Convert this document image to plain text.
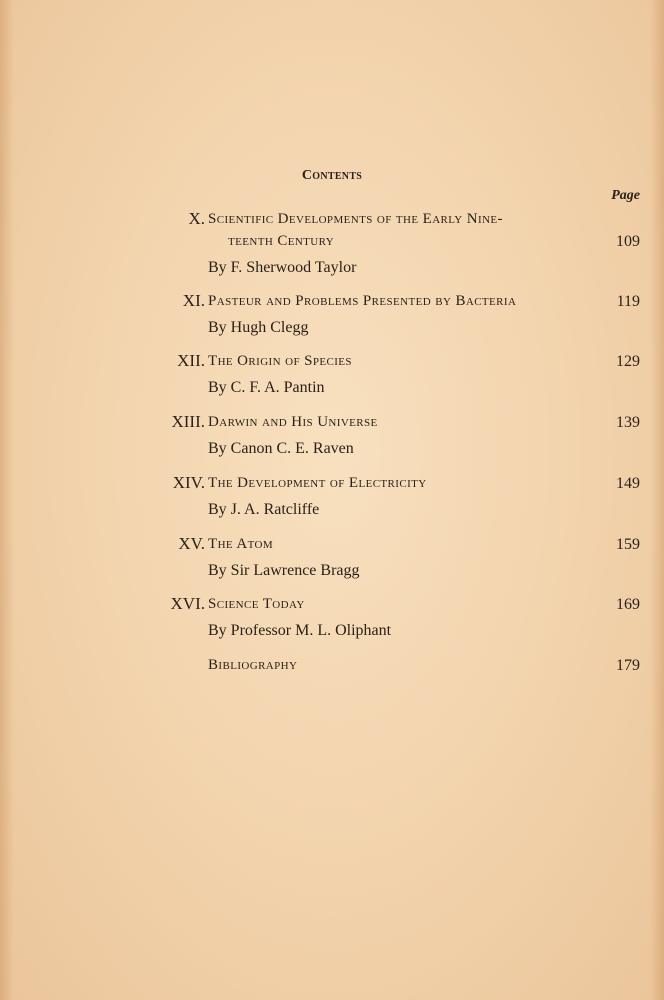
Contents
Page
X. Scientific Developments of the Early Nine-
teenth Century	109
By F. Sherwood Taylor
XI. Pasteur and Problems Presented by Bacteria	119
By Hugh Clegg
XII. The Origin of Species	129
By C. F. A. Pantin
XIII. Darwin and His Universe	139
By Canon C. E. Raven
XIV. The Development of Electricity	149
By J. A. Ratcliffe
XV. The Atom	159
By Sir Lawrence Bragg
XVI. Science Today	169
By Professor M. L. Oliphant
Bibliography	179
